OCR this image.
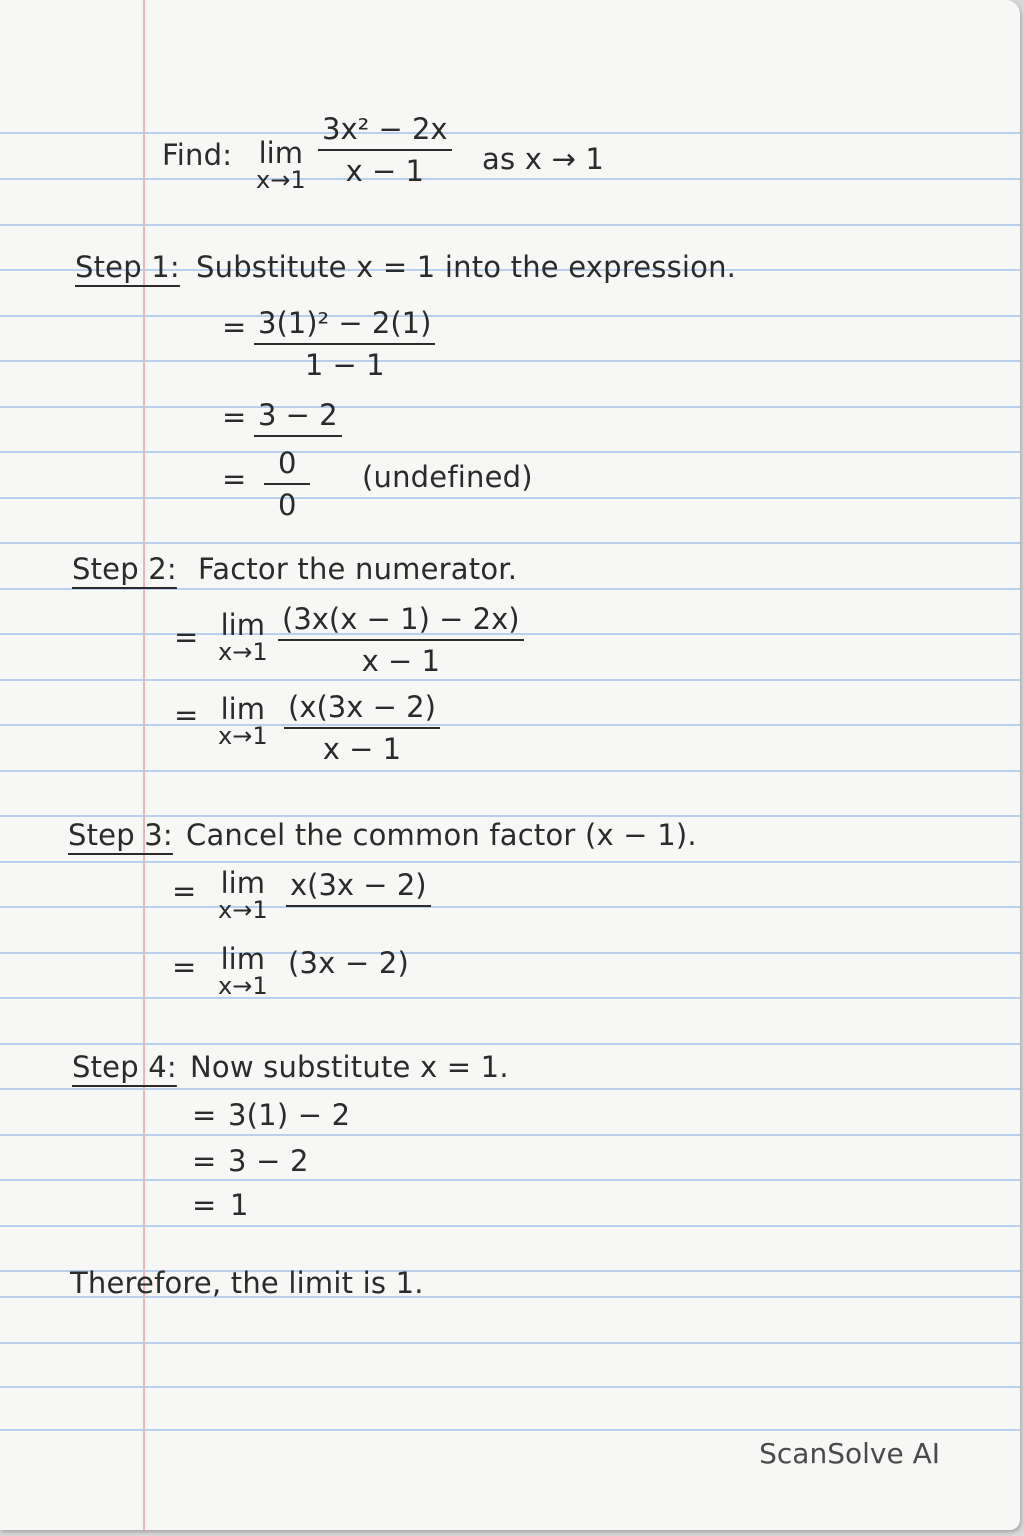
Find: lim
x→1
3x² − 2x
x − 1 as x → 1
Step 1: Substitute x = 1 into the expression.
= 3(1)² − 2(1)
1 − 1
= 3 − 2
=	0
0
(undefined)
Step 2: Factor the numerator.
= lim
x→1
(3x(x − 1) − 2x)
x − 1
= lim
x→1
(x(3x − 2)
x − 1
Step 3: Cancel the common factor (x − 1).
= lim
x→1
x(3x − 2)
= lim
x→1
(3x − 2)
Step 4: Now substitute x = 1.
= 3(1) − 2
= 3 − 2
= 1
Therefore, the limit is 1.
ScanSolve AI
